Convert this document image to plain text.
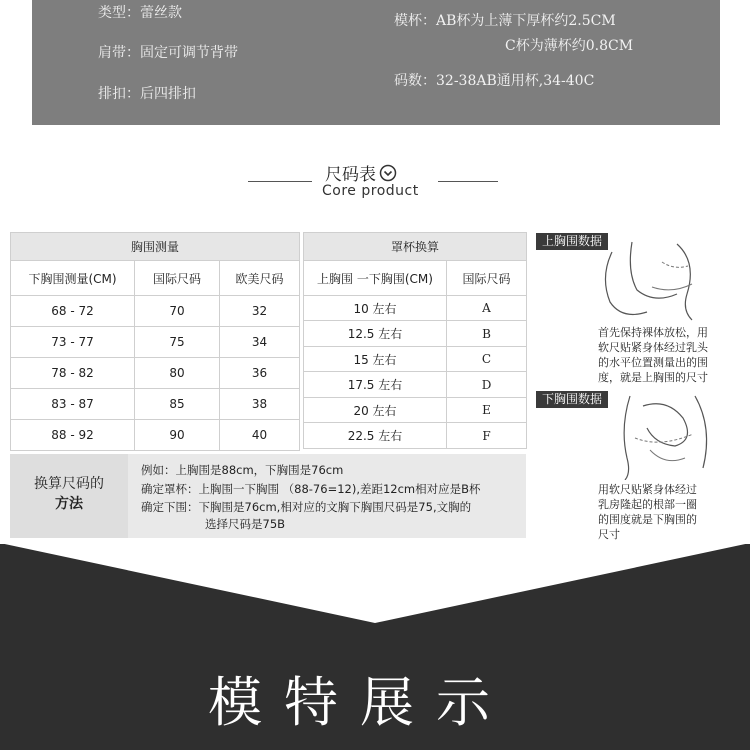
类型：蕾丝款
肩带：固定可调节背带
排扣：后四排扣
模杯：AB杯为上薄下厚杯约2.5CM
C杯为薄杯约0.8CM
码数：32-38AB通用杯,34-40C
尺码表
Core product
胸围测量		
下胸围测量(CM)	国际尺码	欧美尺码
68 - 72	70	32
73 - 77	75	34
78 - 82	80	36
83 - 87	85	38
88 - 92	90	40
罩杯换算	
上胸围 一下胸围(CM)	国际尺码
10 左右	A
12.5 左右	B
15 左右	C
17.5 左右	D
20 左右	E
22.5 左右	F
换算尺码的
方法
例如：上胸围是88cm，下胸围是76cm
确定罩杯：上胸围一下胸围 （88-76=12),差距12cm相对应是B杯
确定下围：下胸围是76cm,相对应的文胸下胸围尺码是75,文胸的
选择尺码是75B
上胸围数据
首先保持裸体放松，用
软尺贴紧身体经过乳头
的水平位置测量出的围
度，就是上胸围的尺寸
下胸围数据
用软尺贴紧身体经过
乳房隆起的根部一圈
的围度就是下胸围的
尺寸
模特展示
